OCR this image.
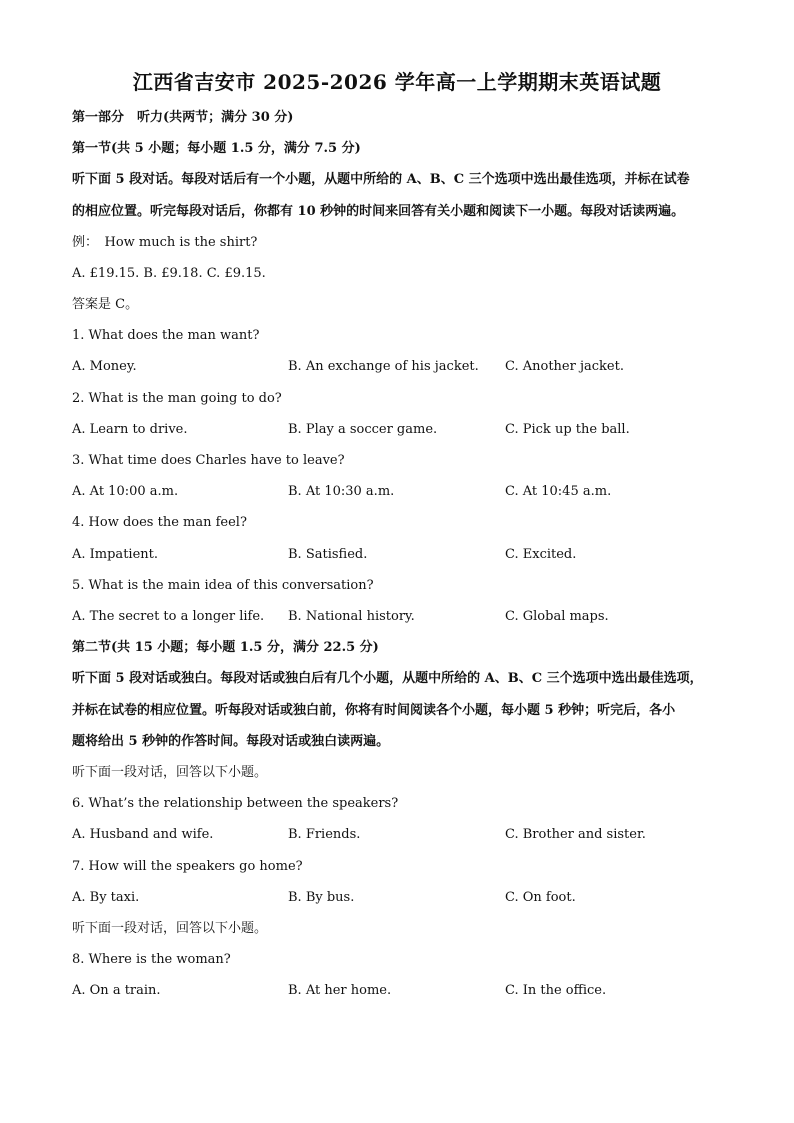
江西省吉安市 2025-2026 学年高一上学期期末英语试题
第一部分　听力(共两节；满分 30 分)
第一节(共 5 小题；每小题 1.5 分，满分 7.5 分)
听下面 5 段对话。每段对话后有一个小题，从题中所给的 A、B、C 三个选项中选出最佳选项，并标在试卷
的相应位置。听完每段对话后，你都有 10 秒钟的时间来回答有关小题和阅读下一小题。每段对话读两遍。
例：　How much is the shirt?
A. £19.15. B. £9.18. C. £9.15.
答案是 C。
1. What does the man want?
A. Money.	B. An exchange of his jacket. C. Another jacket.
2. What is the man going to do?
A. Learn to drive.	B. Play a soccer game.	C. Pick up the ball.
3. What time does Charles have to leave?
A. At 10:00 a.m.	B. At 10:30 a.m.	C. At 10:45 a.m.
4. How does the man feel?
A. Impatient.	B. Satisfied.	C. Excited.
5. What is the main idea of this conversation?
A. The secret to a longer life. B. National history.	C. Global maps.
第二节(共 15 小题；每小题 1.5 分，满分 22.5 分)
听下面 5 段对话或独白。每段对话或独白后有几个小题，从题中所给的 A、B、C 三个选项中选出最佳选项，
并标在试卷的相应位置。听每段对话或独白前，你将有时间阅读各个小题，每小题 5 秒钟；听完后，各小
题将给出 5 秒钟的作答时间。每段对话或独白读两遍。
听下面一段对话，回答以下小题。
6. What’s the relationship between the speakers?
A. Husband and wife.	B. Friends.	C. Brother and sister.
7. How will the speakers go home?
A. By taxi.	B. By bus.	C. On foot.
听下面一段对话，回答以下小题。
8. Where is the woman?
A. On a train.	B. At her home.	C. In the office.
